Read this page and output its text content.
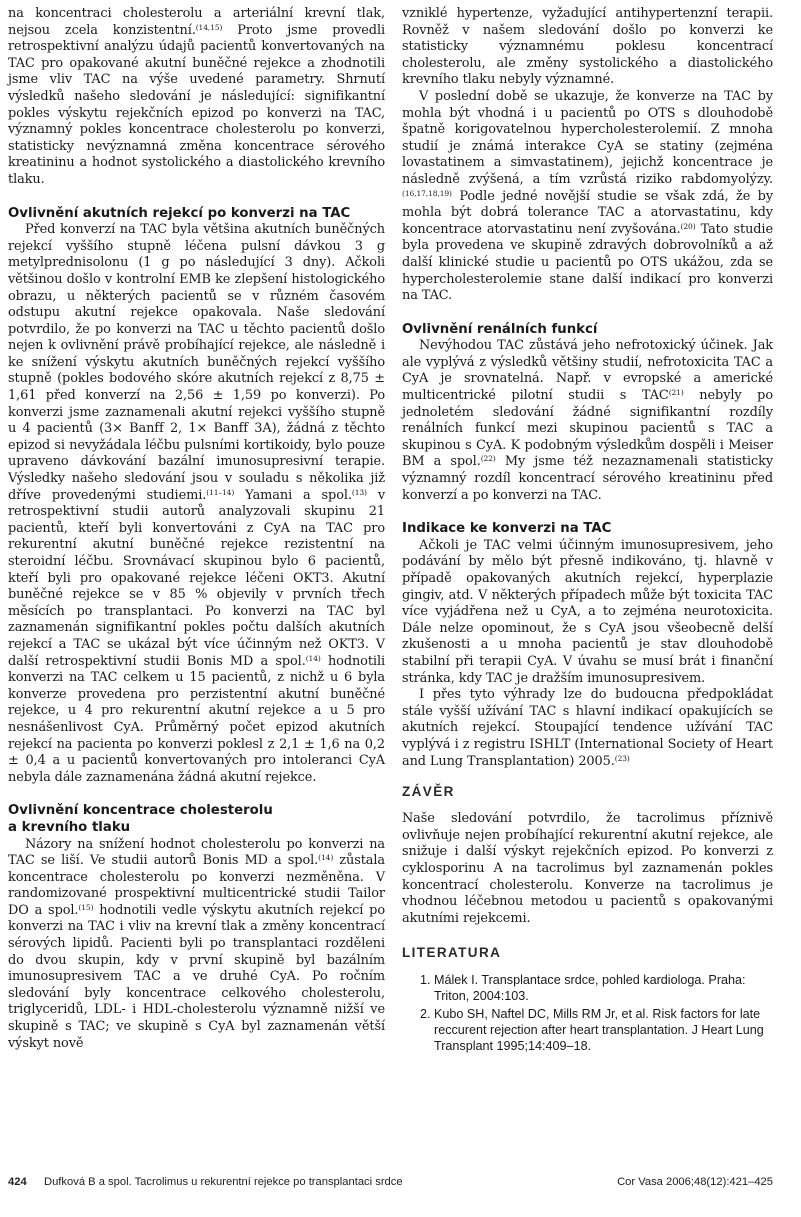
na koncentraci cholesterolu a arteriální krevní tlak, nejsou zcela konzistentní.$^{(14,15)}$ Proto jsme provedli retrospektivní analýzu údajů pacientů konvertovaných na TAC pro opakované akutní buněčné rejekce a zhodnotili jsme vliv TAC na výše uvedené parametry. Shrnutí výsledků našeho sledování je následující: signifikantní pokles výskytu rejekčních epizod po konverzi na TAC, významný pokles koncentrace cholesterolu po konverzi, statisticky nevýznamná změna koncentrace sérového kreatininu a hodnot systolického a diastolického krevního tlaku.

Ovlivnění akutních rejekcí po konverzi na TAC

Před konverzí na TAC byla většina akutních buněčných rejekcí vyššího stupně léčena pulsní dávkou 3 g metylprednisolonu (1 g po následující 3 dny). Ačkoli většinou došlo v kontrolní EMB ke zlepšení histologického obrazu, u některých pacientů se v různém časovém odstupu akutní rejekce opakovala. Naše sledování potvrdilo, že po konverzi na TAC u těchto pacientů došlo nejen k ovlivnění právě probíhající rejekce, ale následně i ke snížení výskytu akutních buněčných rejekcí vyššího stupně (pokles bodového skóre akutních rejekcí z 8,75 ± 1,61 před konverzí na 2,56 ± 1,59 po konverzi). Po konverzi jsme zaznamenali akutní rejekci vyššího stupně u 4 pacientů (3× Banff 2, 1× Banff 3A), žádná z těchto epizod si nevyžádala léčbu pulsními kortikoidy, bylo pouze upraveno dávkování bazální imunosupresivní terapie. Výsledky našeho sledování jsou v souladu s několika již dříve provedenými studiemi.$^{(11-14)}$ Yamani a spol.$^{(13)}$ v retrospektivní studii autorů analyzovali skupinu 21 pacientů, kteří byli konvertováni z CyA na TAC pro rekurentní akutní buněčné rejekce rezistentní na steroidní léčbu. Srovnávací skupinou bylo 6 pacientů, kteří byli pro opakované rejekce léčeni OKT3. Akutní buněčné rejekce se v 85 % objevily v prvních třech měsících po transplantaci. Po konverzi na TAC byl zaznamenán signifikantní pokles počtu dalších akutních rejekcí a TAC se ukázal být více účinným než OKT3. V další retrospektivní studii Bonis MD a spol.$^{(14)}$ hodnotili konverzi na TAC celkem u 15 pacientů, z nichž u 6 byla konverze provedena pro perzistentní akutní buněčné rejekce, u 4 pro rekurentní akutní rejekce a u 5 pro nesnášenlivost CyA. Průměrný počet epizod akutních rejekcí na pacienta po konverzi poklesl z 2,1 ± 1,6 na 0,2 ± 0,4 a u pacientů konvertovaných pro intoleranci CyA nebyla dále zaznamenána žádná akutní rejekce.

Ovlivnění koncentrace cholesterolu
a krevního tlaku

Názory na snížení hodnot cholesterolu po konverzi na TAC se liší. Ve studii autorů Bonis MD a spol.$^{(14)}$ zůstala koncentrace cholesterolu po konverzi nezměněna. V randomizované prospektivní multicentrické studii Tailor DO a spol.$^{(15)}$ hodnotili vedle výskytu akutních rejekcí po konverzi na TAC i vliv na krevní tlak a změny koncentrací sérových lipidů. Pacienti byli po transplantaci rozděleni do dvou skupin, kdy v první skupině byl bazálním imunosupresivem TAC a ve druhé CyA. Po ročním sledování byly koncentrace celkového cholesterolu, triglyceridů, LDL- i HDL-cholesterolu významně nižší ve skupině s TAC; ve skupině s CyA byl zaznamenán větší výskyt nově

vzniklé hypertenze, vyžadující antihypertenzní terapii. Rovněž v našem sledování došlo po konverzi ke statisticky významnému poklesu koncentrací cholesterolu, ale změny systolického a diastolického krevního tlaku nebyly významné.

V poslední době se ukazuje, že konverze na TAC by mohla být vhodná i u pacientů po OTS s dlouhodobě špatně korigovatelnou hypercholesterolemií. Z mnoha studií je známá interakce CyA se statiny (zejména lovastatinem a simvastatinem), jejichž koncentrace je následně zvýšená, a tím vzrůstá riziko rabdomyolýzy.$^{(16,17,18,19)}$ Podle jedné novější studie se však zdá, že by mohla být dobrá tolerance TAC a atorvastatinu, kdy koncentrace atorvastatinu není zvyšována.$^{(20)}$ Tato studie byla provedena ve skupině zdravých dobrovolníků a až další klinické studie u pacientů po OTS ukážou, zda se hypercholesterolemie stane další indikací pro konverzi na TAC.

Ovlivnění renálních funkcí

Nevýhodou TAC zůstává jeho nefrotoxický účinek. Jak ale vyplývá z výsledků většiny studií, nefrotoxicita TAC a CyA je srovnatelná. Např. v evropské a americké multicentrické pilotní studii s TAC$^{(21)}$ nebyly po jednoletém sledování žádné signifikantní rozdíly renálních funkcí mezi skupinou pacientů s TAC a skupinou s CyA. K podobným výsledkům dospěli i Meiser BM a spol.$^{(22)}$ My jsme též nezaznamenali statisticky významný rozdíl koncentrací sérového kreatininu před konverzí a po konverzi na TAC.

Indikace ke konverzi na TAC

Ačkoli je TAC velmi účinným imunosupresivem, jeho podávání by mělo být přesně indikováno, tj. hlavně v případě opakovaných akutních rejekcí, hyperplazie gingiv, atd. V některých případech může být toxicita TAC více vyjádřena než u CyA, a to zejména neurotoxicita. Dále nelze opominout, že s CyA jsou všeobecně delší zkušenosti a u mnoha pacientů je stav dlouhodobě stabilní při terapii CyA. V úvahu se musí brát i finanční stránka, kdy TAC je dražším imunosupresivem.

I přes tyto výhrady lze do budoucna předpokládat stále vyšší užívání TAC s hlavní indikací opakujících se akutních rejekcí. Stoupající tendence užívání TAC vyplývá i z registru ISHLT (International Society of Heart and Lung Transplantation) 2005.$^{(23)}$

ZÁVĚR

Naše sledování potvrdilo, že tacrolimus příznivě ovlivňuje nejen probíhající rekurentní akutní rejekce, ale snižuje i další výskyt rejekčních epizod. Po konverzi z cyklosporinu A na tacrolimus byl zaznamenán pokles koncentrací cholesterolu. Konverze na tacrolimus je vhodnou léčebnou metodou u pacientů s opakovanými akutními rejekcemi.

LITERATURA
1. Málek I. Transplantace srdce, pohled kardiologa. Praha: Triton, 2004:103.
2. Kubo SH, Naftel DC, Mills RM Jr, et al. Risk factors for late reccurent rejection after heart transplantation. J Heart Lung Transplant 1995;14:409–18.
424 Dufková B a spol. Tacrolimus u rekurentní rejekce po transplantaci srdce	Cor Vasa 2006;48(12):421–425
